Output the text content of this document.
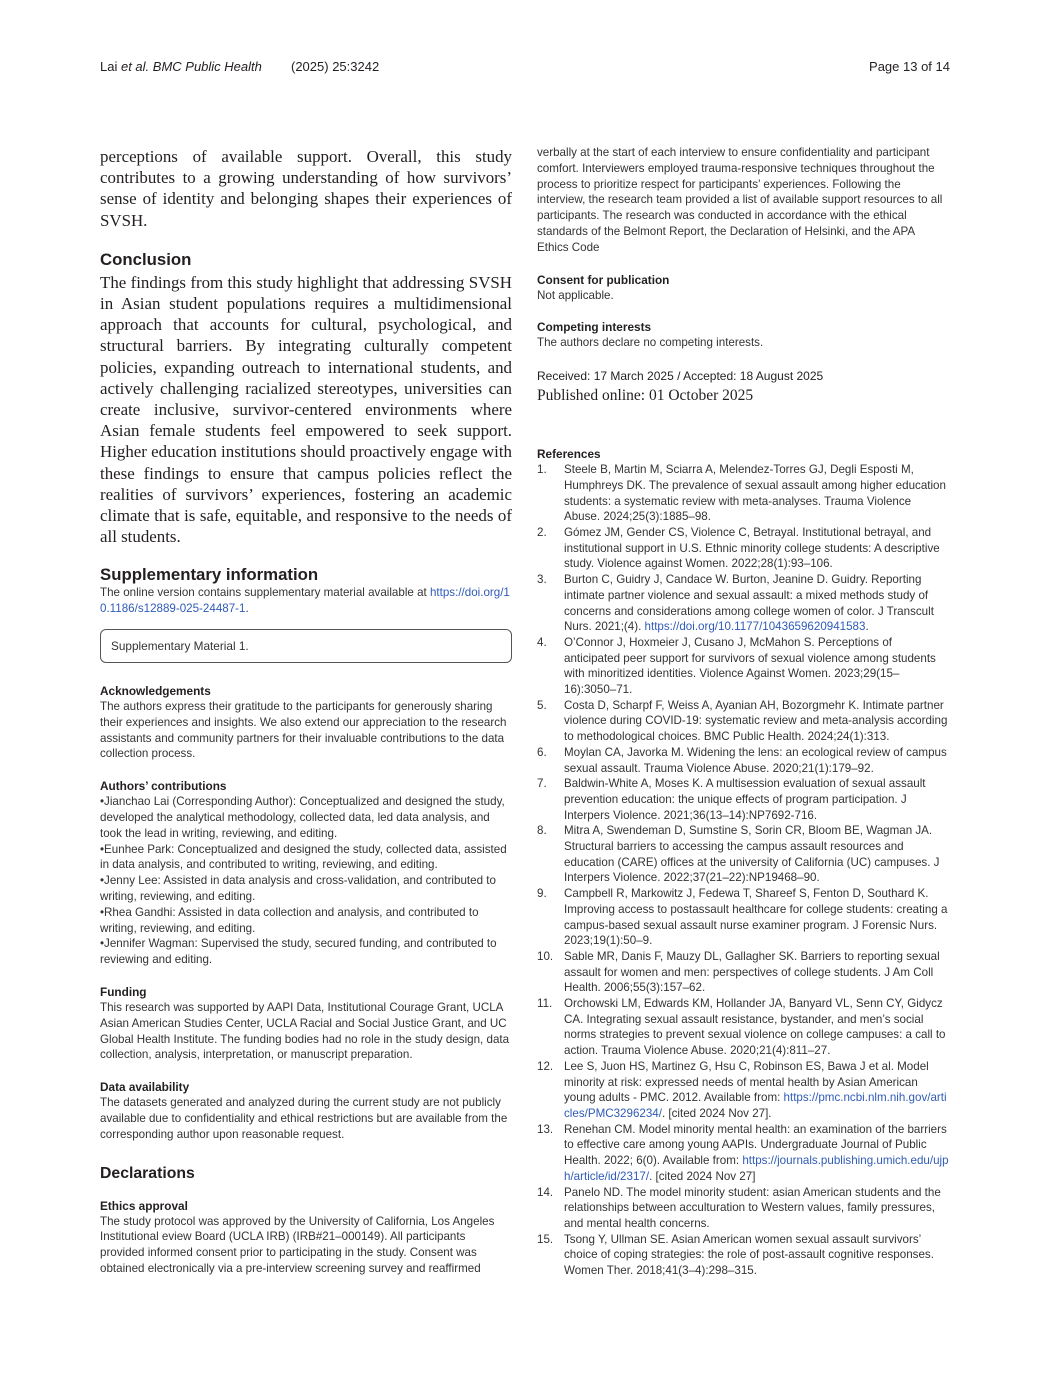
Lai et al. BMC Public Health (2025) 25:3242	Page 13 of 14

perceptions of available support. Overall, this study contributes to a growing understanding of how survivors’ sense of identity and belonging shapes their experiences of SVSH.

Conclusion

The findings from this study highlight that addressing SVSH in Asian student populations requires a multidimensional approach that accounts for cultural, psychological, and structural barriers. By integrating culturally competent policies, expanding outreach to international students, and actively challenging racialized stereotypes, universities can create inclusive, survivor-centered environments where Asian female students feel empowered to seek support. Higher education institutions should proactively engage with these findings to ensure that campus policies reflect the realities of survivors’ experiences, fostering an academic climate that is safe, equitable, and responsive to the needs of all students.

Supplementary information

The online version contains supplementary material available at https://doi.org/10.1186/s12889-025-24487-1.

Supplementary Material 1.
Acknowledgements

The authors express their gratitude to the participants for generously sharing their experiences and insights. We also extend our appreciation to the research assistants and community partners for their invaluable contributions to the data collection process.

Authors’ contributions

•Jianchao Lai (Corresponding Author): Conceptualized and designed the study, developed the analytical methodology, collected data, led data analysis, and took the lead in writing, reviewing, and editing.

•Eunhee Park: Conceptualized and designed the study, collected data, assisted in data analysis, and contributed to writing, reviewing, and editing.

•Jenny Lee: Assisted in data analysis and cross-validation, and contributed to writing, reviewing, and editing.

•Rhea Gandhi: Assisted in data collection and analysis, and contributed to writing, reviewing, and editing.

•Jennifer Wagman: Supervised the study, secured funding, and contributed to reviewing and editing.

Funding

This research was supported by AAPI Data, Institutional Courage Grant, UCLA Asian American Studies Center, UCLA Racial and Social Justice Grant, and UC Global Health Institute. The funding bodies had no role in the study design, data collection, analysis, interpretation, or manuscript preparation.

Data availability

The datasets generated and analyzed during the current study are not publicly available due to confidentiality and ethical restrictions but are available from the corresponding author upon reasonable request.

Declarations
Ethics approval

The study protocol was approved by the University of California, Los Angeles Institutional eview Board (UCLA IRB) (IRB#21–000149). All participants provided informed consent prior to participating in the study. Consent was obtained electronically via a pre-interview screening survey and reaffirmed

verbally at the start of each interview to ensure confidentiality and participant comfort. Interviewers employed trauma-responsive techniques throughout the process to prioritize respect for participants’ experiences. Following the interview, the research team provided a list of available support resources to all participants. The research was conducted in accordance with the ethical standards of the Belmont Report, the Declaration of Helsinki, and the APA Ethics Code

Consent for publication

Not applicable.

Competing interests

The authors declare no competing interests.

Received: 17 March 2025 / Accepted: 18 August 2025

Published online: 01 October 2025

References
1. Steele B, Martin M, Sciarra A, Melendez-Torres GJ, Degli Esposti M, Humphreys DK. The prevalence of sexual assault among higher education students: a systematic review with meta-analyses. Trauma Violence Abuse. 2024;25(3):1885–98.
2. Gómez JM, Gender CS, Violence C, Betrayal. Institutional betrayal, and institutional support in U.S. Ethnic minority college students: A descriptive study. Violence against Women. 2022;28(1):93–106.
3. Burton C, Guidry J, Candace W. Burton, Jeanine D. Guidry. Reporting intimate partner violence and sexual assault: a mixed methods study of concerns and considerations among college women of color. J Transcult Nurs. 2021;(4). https://doi.org/10.1177/1043659620941583.
4. O’Connor J, Hoxmeier J, Cusano J, McMahon S. Perceptions of anticipated peer support for survivors of sexual violence among students with minoritized identities. Violence Against Women. 2023;29(15–16):3050–71.
5. Costa D, Scharpf F, Weiss A, Ayanian AH, Bozorgmehr K. Intimate partner violence during COVID-19: systematic review and meta-analysis according to methodological choices. BMC Public Health. 2024;24(1):313.
6. Moylan CA, Javorka M. Widening the lens: an ecological review of campus sexual assault. Trauma Violence Abuse. 2020;21(1):179–92.
7. Baldwin-White A, Moses K. A multisession evaluation of sexual assault prevention education: the unique effects of program participation. J Interpers Violence. 2021;36(13–14):NP7692-716.
8. Mitra A, Swendeman D, Sumstine S, Sorin CR, Bloom BE, Wagman JA. Structural barriers to accessing the campus assault resources and education (CARE) offices at the university of California (UC) campuses. J Interpers Violence. 2022;37(21–22):NP19468–90.
9. Campbell R, Markowitz J, Fedewa T, Shareef S, Fenton D, Southard K. Improving access to postassault healthcare for college students: creating a campus-based sexual assault nurse examiner program. J Forensic Nurs. 2023;19(1):50–9.
10. Sable MR, Danis F, Mauzy DL, Gallagher SK. Barriers to reporting sexual assault for women and men: perspectives of college students. J Am Coll Health. 2006;55(3):157–62.
11. Orchowski LM, Edwards KM, Hollander JA, Banyard VL, Senn CY, Gidycz CA. Integrating sexual assault resistance, bystander, and men’s social norms strategies to prevent sexual violence on college campuses: a call to action. Trauma Violence Abuse. 2020;21(4):811–27.
12. Lee S, Juon HS, Martinez G, Hsu C, Robinson ES, Bawa J et al. Model minority at risk: expressed needs of mental health by Asian American young adults - PMC. 2012. Available from: https://pmc.ncbi.nlm.nih.gov/articles/PMC3296234/. [cited 2024 Nov 27].
13. Renehan CM. Model minority mental health: an examination of the barriers to effective care among young AAPIs. Undergraduate Journal of Public Health. 2022; 6(0). Available from: https://journals.publishing.umich.edu/ujph/article/id/2317/. [cited 2024 Nov 27]
14. Panelo ND. The model minority student: asian American students and the relationships between acculturation to Western values, family pressures, and mental health concerns.
15. Tsong Y, Ullman SE. Asian American women sexual assault survivors’ choice of coping strategies: the role of post-assault cognitive responses. Women Ther. 2018;41(3–4):298–315.
